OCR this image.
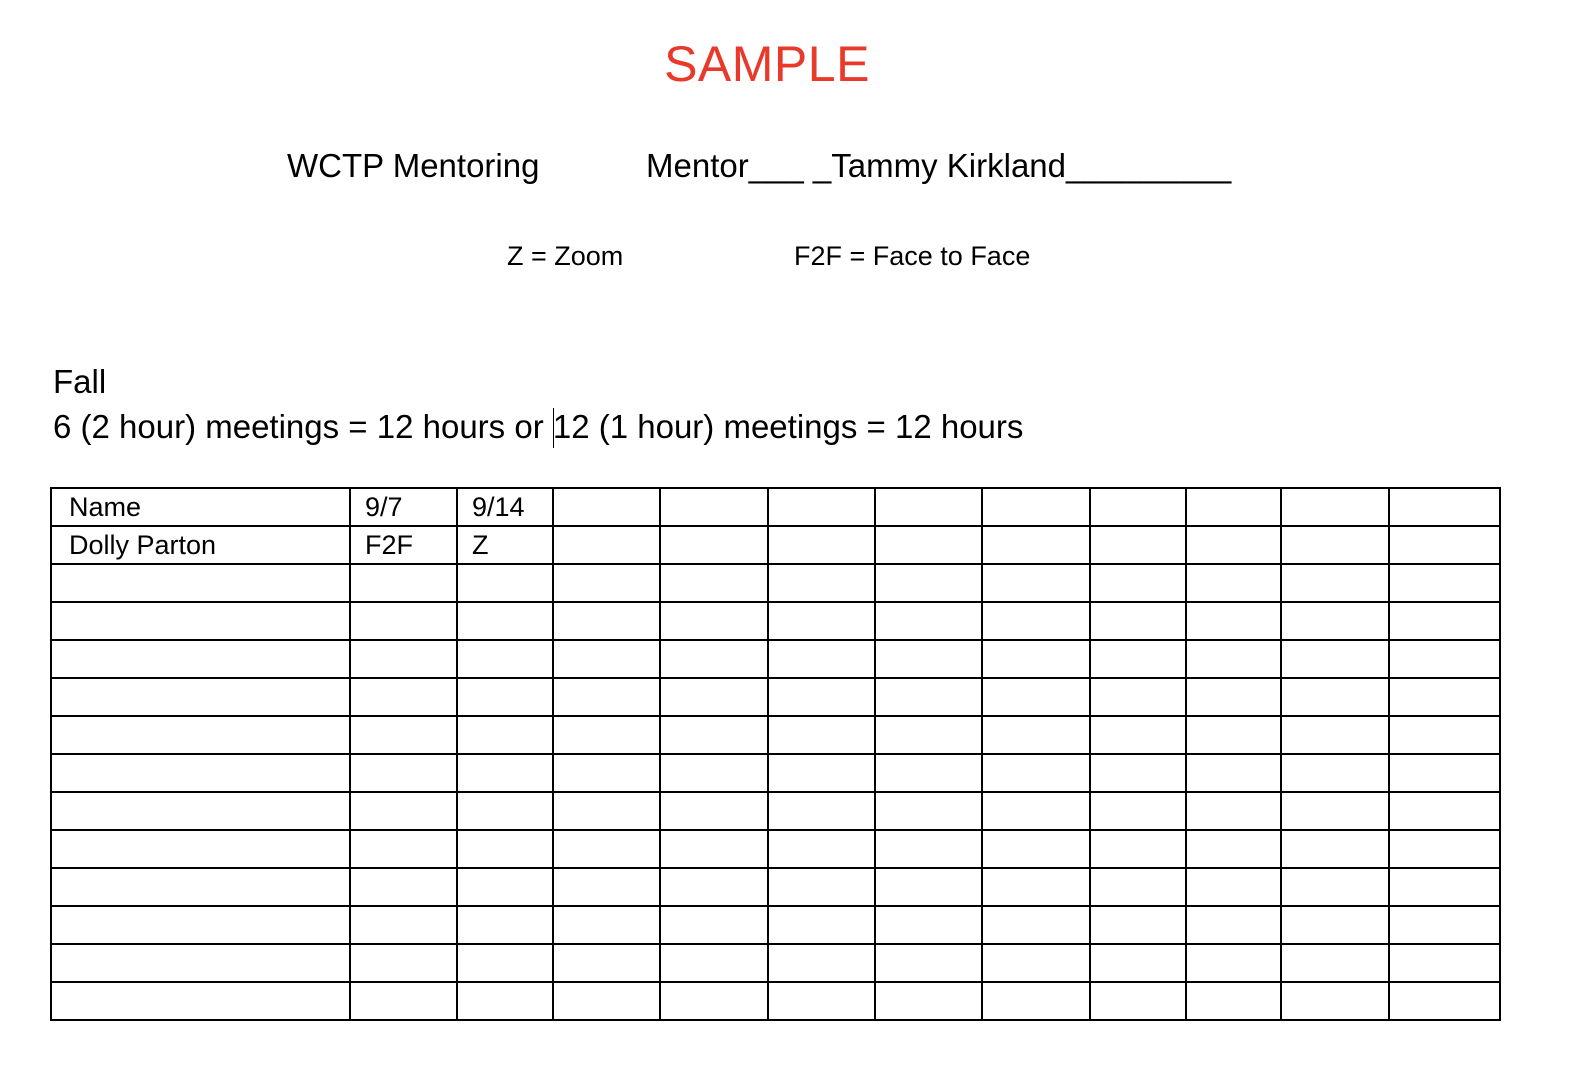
SAMPLE
WCTP Mentoring	Mentor___ _Tammy Kirkland_________
Z = Zoom	F2F = Face to Face
Fall
6 (2 hour) meetings = 12 hours or 12 (1 hour) meetings = 12 hours
Name	9/7	9/14									
Dolly Parton	F2F	Z									
